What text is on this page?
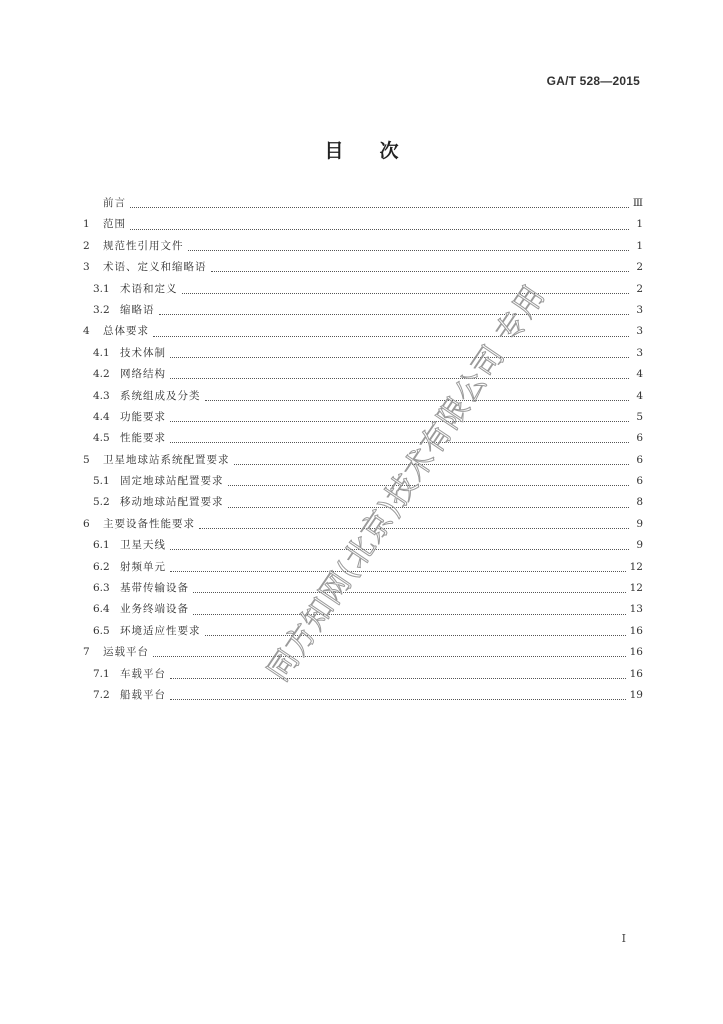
GA/T 528—2015
目 次
前言	Ⅲ
1	范围	1
2	规范性引用文件	1
3	术语、定义和缩略语	2
3.1 术语和定义	2
3.2 缩略语	3
4	总体要求	3
4.1 技术体制	3
4.2 网络结构	4
4.3 系统组成及分类	4
4.4 功能要求	5
4.5 性能要求	6
5	卫星地球站系统配置要求	6
5.1 固定地球站配置要求	6
5.2 移动地球站配置要求	8
6	主要设备性能要求	9
6.1 卫星天线	9
6.2 射频单元	12
6.3 基带传输设备	12
6.4 业务终端设备	13
6.5 环境适应性要求	16
7	运载平台	16
7.1 车载平台	16
7.2 船载平台	19
I
同方知网(北京)技术有限公司 专用
